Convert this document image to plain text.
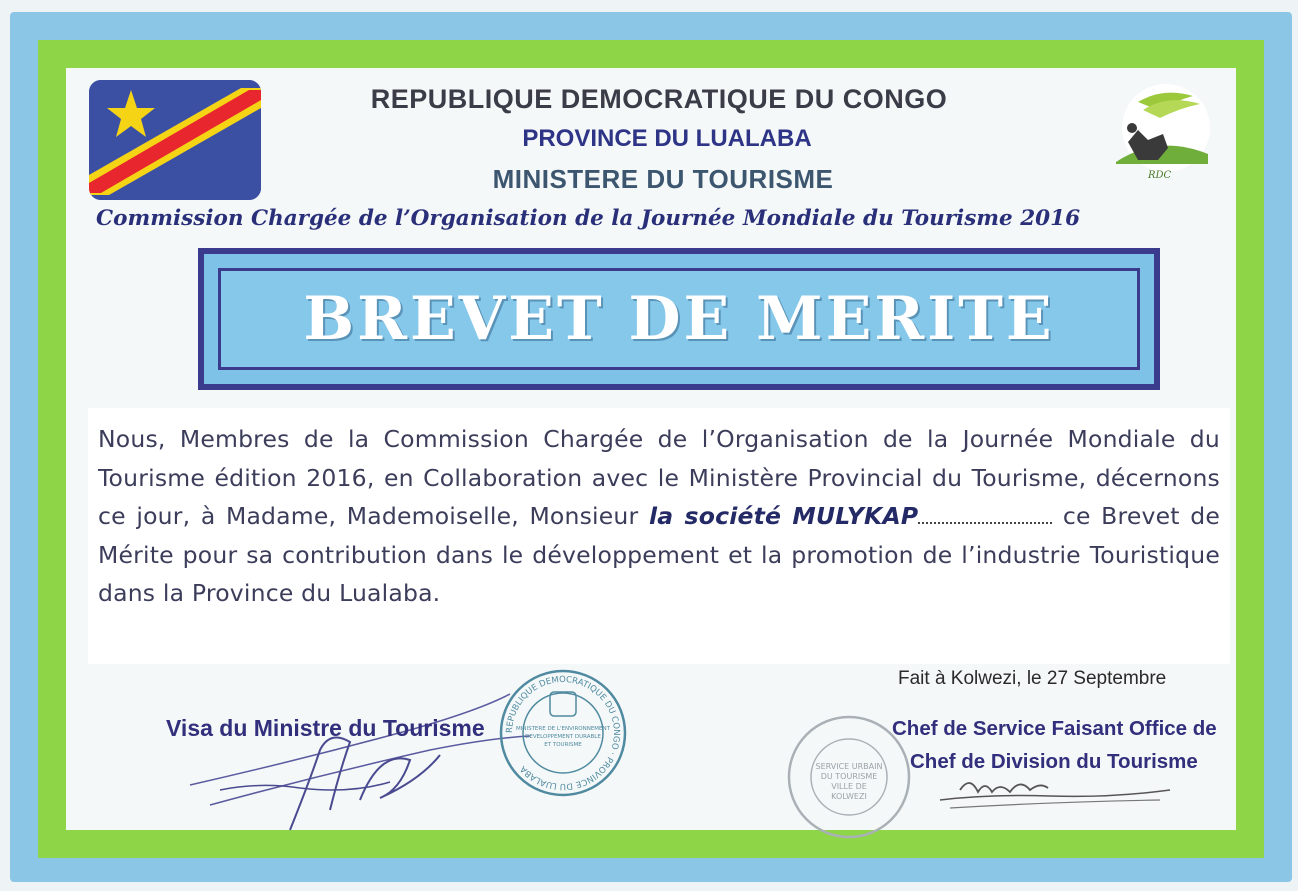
RDC
REPUBLIQUE DEMOCRATIQUE DU CONGO
PROVINCE DU LUALABA
MINISTERE DU TOURISME

Commission Chargée de l’Organisation de la Journée Mondiale du Tourisme 2016

BREVET DE MERITE

Nous, Membres de la Commission Chargée de l’Organisation de la Journée Mondiale du Tourisme édition 2016, en Collaboration avec le Ministère Provincial du Tourisme, décernons ce jour, à Madame, Mademoiselle, Monsieur la société MULYKAP	ce Brevet de Mérite pour sa contribution dans le développement et la promotion de l’industrie Touristique dans la Province du Lualaba.

Fait à Kolwezi, le 27 Septembre

Visa du Ministre du Tourisme REPUBLIQUE DEMOCRATIQUE DU CONGO · PROVINCE DU LUALABA
MINISTERE DE L'ENVIRONNEMENT
DEVELOPPEMENT DURABLE
ET TOURISME
SERVICE URBAIN
DU TOURISME
VILLE DE
KOLWEZI

Chef de Service Faisant Office de

Chef de Division du Tourisme
